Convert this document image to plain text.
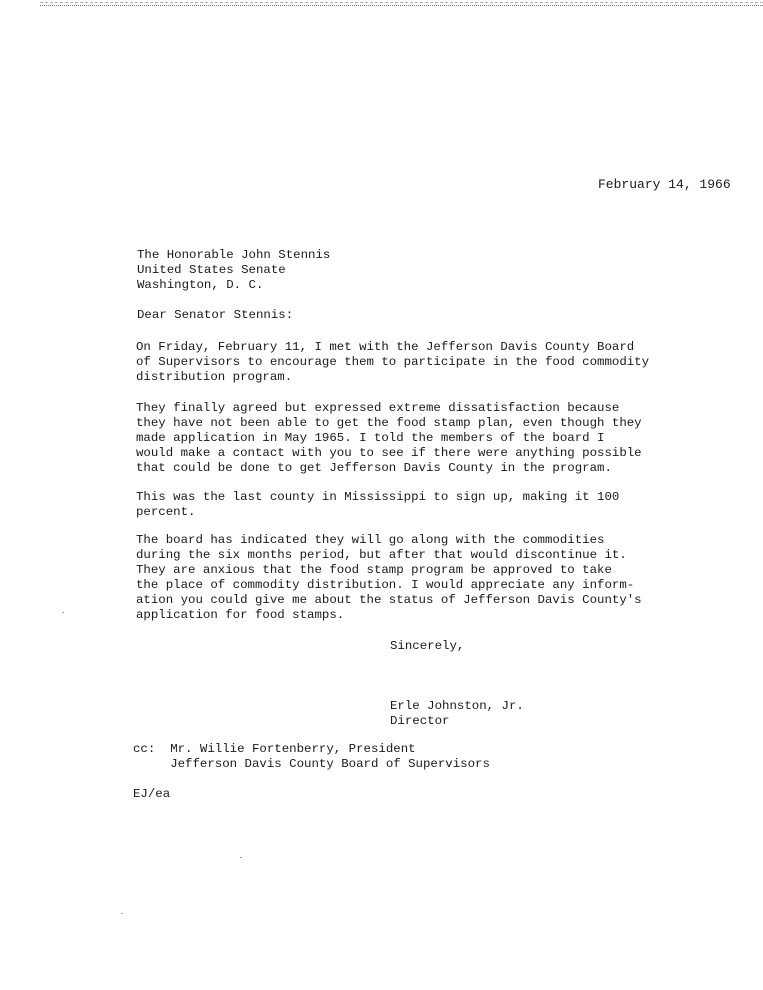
February 14, 1966
The Honorable John Stennis
United States Senate
Washington, D. C.
Dear Senator Stennis:
On Friday, February 11, I met with the Jefferson Davis County Board
of Supervisors to encourage them to participate in the food commodity
distribution program.
They finally agreed but expressed extreme dissatisfaction because
they have not been able to get the food stamp plan, even though they
made application in May 1965. I told the members of the board I
would make a contact with you to see if there were anything possible
that could be done to get Jefferson Davis County in the program.
This was the last county in Mississippi to sign up, making it 100
percent.
The board has indicated they will go along with the commodities
during the six months period, but after that would discontinue it.
They are anxious that the food stamp program be approved to take
the place of commodity distribution. I would appreciate any inform-
ation you could give me about the status of Jefferson Davis County's
application for food stamps.
Sincerely,
Erle Johnston, Jr.
Director
cc: Mr. Willie Fortenberry, President
Jefferson Davis County Board of Supervisors
EJ/ea
